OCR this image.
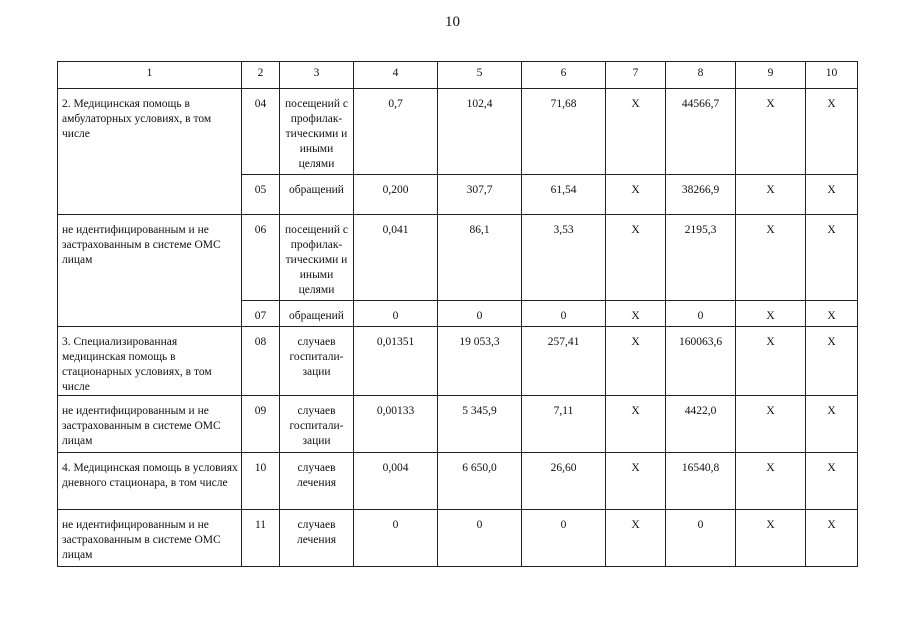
10
1	2	3	4	5	6	7	8	9	10
2. Медицинская помощь в амбулаторных условиях, в том числе	04	посещений с профилак-тическими и иными целями	0,7	102,4	71,68	Х	44566,7	Х	Х
	05	обращений	0,200	307,7	61,54	Х	38266,9	Х	Х
не идентифицированным и не застрахованным в системе ОМС лицам	06	посещений с профилак-тическими и иными целями	0,041	86,1	3,53	Х	2195,3	Х	Х
	07	обращений	0	0	0	Х	0	Х	Х
3. Специализированная медицинская помощь в стационарных условиях, в том числе	08	случаев госпитали-зации	0,01351	19 053,3	257,41	Х	160063,6	Х	Х
не идентифицированным и не застрахованным в системе ОМС лицам	09	случаев госпитали-зации	0,00133	5 345,9	7,11	Х	4422,0	Х	Х
4. Медицинская помощь в условиях дневного стационара, в том числе	10	случаев лечения	0,004	6 650,0	26,60	Х	16540,8	Х	Х
не идентифицированным и не застрахованным в системе ОМС лицам	11	случаев лечения	0	0	0	Х	0	Х	Х
